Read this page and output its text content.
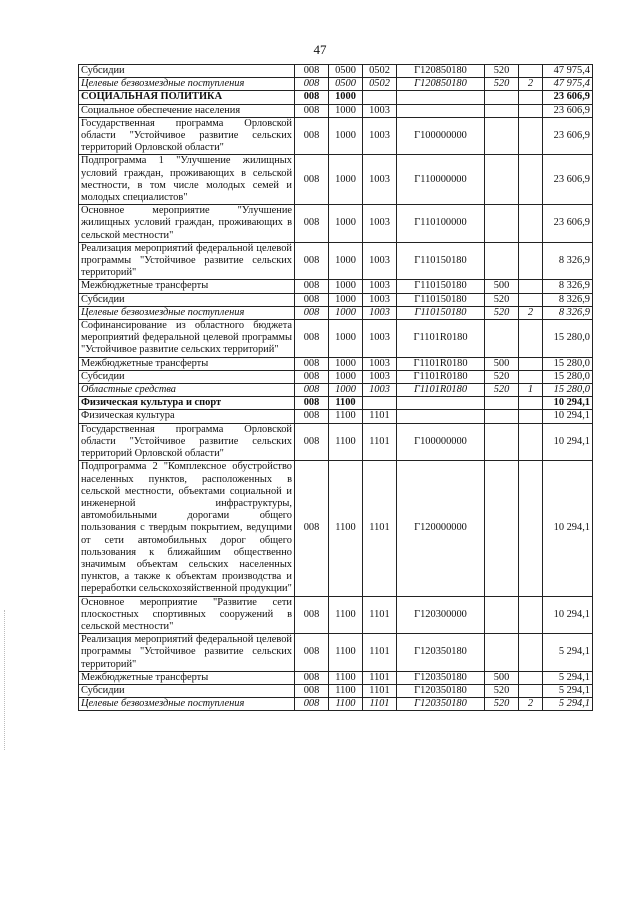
47
Субсидии	008	0500	0502	Г120850180	520		47 975,4
Целевые безвозмездные поступления	008	0500	0502	Г120850180	520	2	47 975,4
СОЦИАЛЬНАЯ ПОЛИТИКА	008	1000					23 606,9
Социальное обеспечение населения	008	1000	1003				23 606,9
Государственная программа Орловской области "Устойчивое развитие сельских территорий Орловской области"	008	1000	1003	Г100000000			23 606,9
Подпрограмма 1 "Улучшение жилищных условий граждан, проживающих в сельской местности, в том числе молодых семей и молодых специалистов"	008	1000	1003	Г110000000			23 606,9
Основное мероприятие "Улучшение жилищных условий граждан, проживающих в сельской местности"	008	1000	1003	Г110100000			23 606,9
Реализация мероприятий федеральной целевой программы "Устойчивое развитие сельских территорий"	008	1000	1003	Г110150180			8 326,9
Межбюджетные трансферты	008	1000	1003	Г110150180	500		8 326,9
Субсидии	008	1000	1003	Г110150180	520		8 326,9
Целевые безвозмездные поступления	008	1000	1003	Г110150180	520	2	8 326,9
Софинансирование из областного бюджета мероприятий федеральной целевой программы "Устойчивое развитие сельских территорий"	008	1000	1003	Г1101R0180			15 280,0
Межбюджетные трансферты	008	1000	1003	Г1101R0180	500		15 280,0
Субсидии	008	1000	1003	Г1101R0180	520		15 280,0
Областные средства	008	1000	1003	Г1101R0180	520	1	15 280,0
Физическая культура и спорт	008	1100					10 294,1
Физическая культура	008	1100	1101				10 294,1
Государственная программа Орловской области "Устойчивое развитие сельских территорий Орловской области"	008	1100	1101	Г100000000			10 294,1
Подпрограмма 2 "Комплексное обустройство населенных пунктов, расположенных в сельской местности, объектами социальной и инженерной инфраструктуры, автомобильными дорогами общего пользования с твердым покрытием, ведущими от сети автомобильных дорог общего пользования к ближайшим общественно значимым объектам сельских населенных пунктов, а также к объектам производства и переработки сельскохозяйственной продукции"	008	1100	1101	Г120000000			10 294,1
Основное мероприятие "Развитие сети плоскостных спортивных сооружений в сельской местности"	008	1100	1101	Г120300000			10 294,1
Реализация мероприятий федеральной целевой программы "Устойчивое развитие сельских территорий"	008	1100	1101	Г120350180			5 294,1
Межбюджетные трансферты	008	1100	1101	Г120350180	500		5 294,1
Субсидии	008	1100	1101	Г120350180	520		5 294,1
Целевые безвозмездные поступления	008	1100	1101	Г120350180	520	2	5 294,1
